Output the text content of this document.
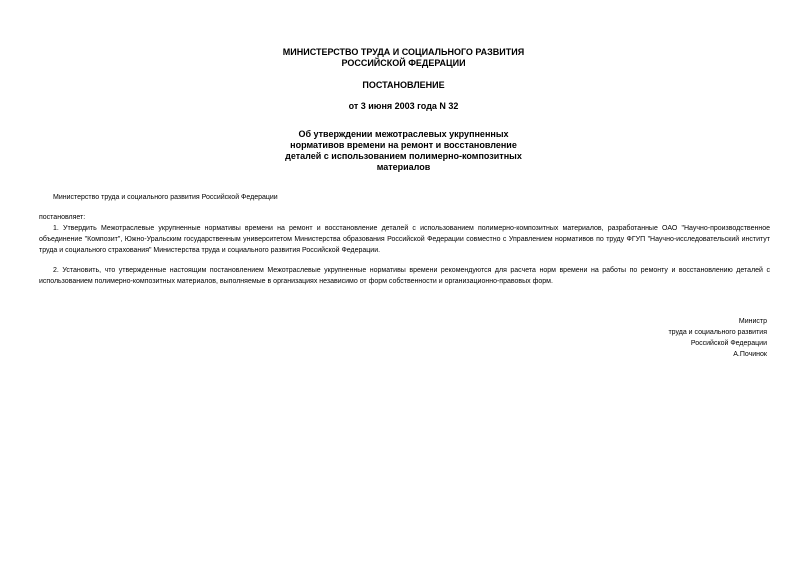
МИНИСТЕРСТВО ТРУДА И СОЦИАЛЬНОГО РАЗВИТИЯ
РОССИЙСКОЙ ФЕДЕРАЦИИ
ПОСТАНОВЛЕНИЕ
от 3 июня 2003 года N 32
Об утверждении межотраслевых укрупненных
нормативов времени на ремонт и восстановление
деталей с использованием полимерно-композитных
материалов
Министерство труда и социального развития Российской Федерации
постановляет:
1. Утвердить Межотраслевые укрупненные нормативы времени на ремонт и восстановление деталей с использованием полимерно-композитных материалов, разработанные ОАО "Научно-производственное объединение "Композит", Южно-Уральским государственным университетом Министерства образования Российской Федерации совместно с Управлением нормативов по труду ФГУП "Научно-исследовательский институт труда и социального страхования" Министерства труда и социального развития Российской Федерации.
2. Установить, что утвержденные настоящим постановлением Межотраслевые укрупненные нормативы времени рекомендуются для расчета норм времени на работы по ремонту и восстановлению деталей с использованием полимерно-композитных материалов, выполняемые в организациях независимо от форм собственности и организационно-правовых форм.
Министр
труда и социального развития
Российской Федерации
А.Починок
